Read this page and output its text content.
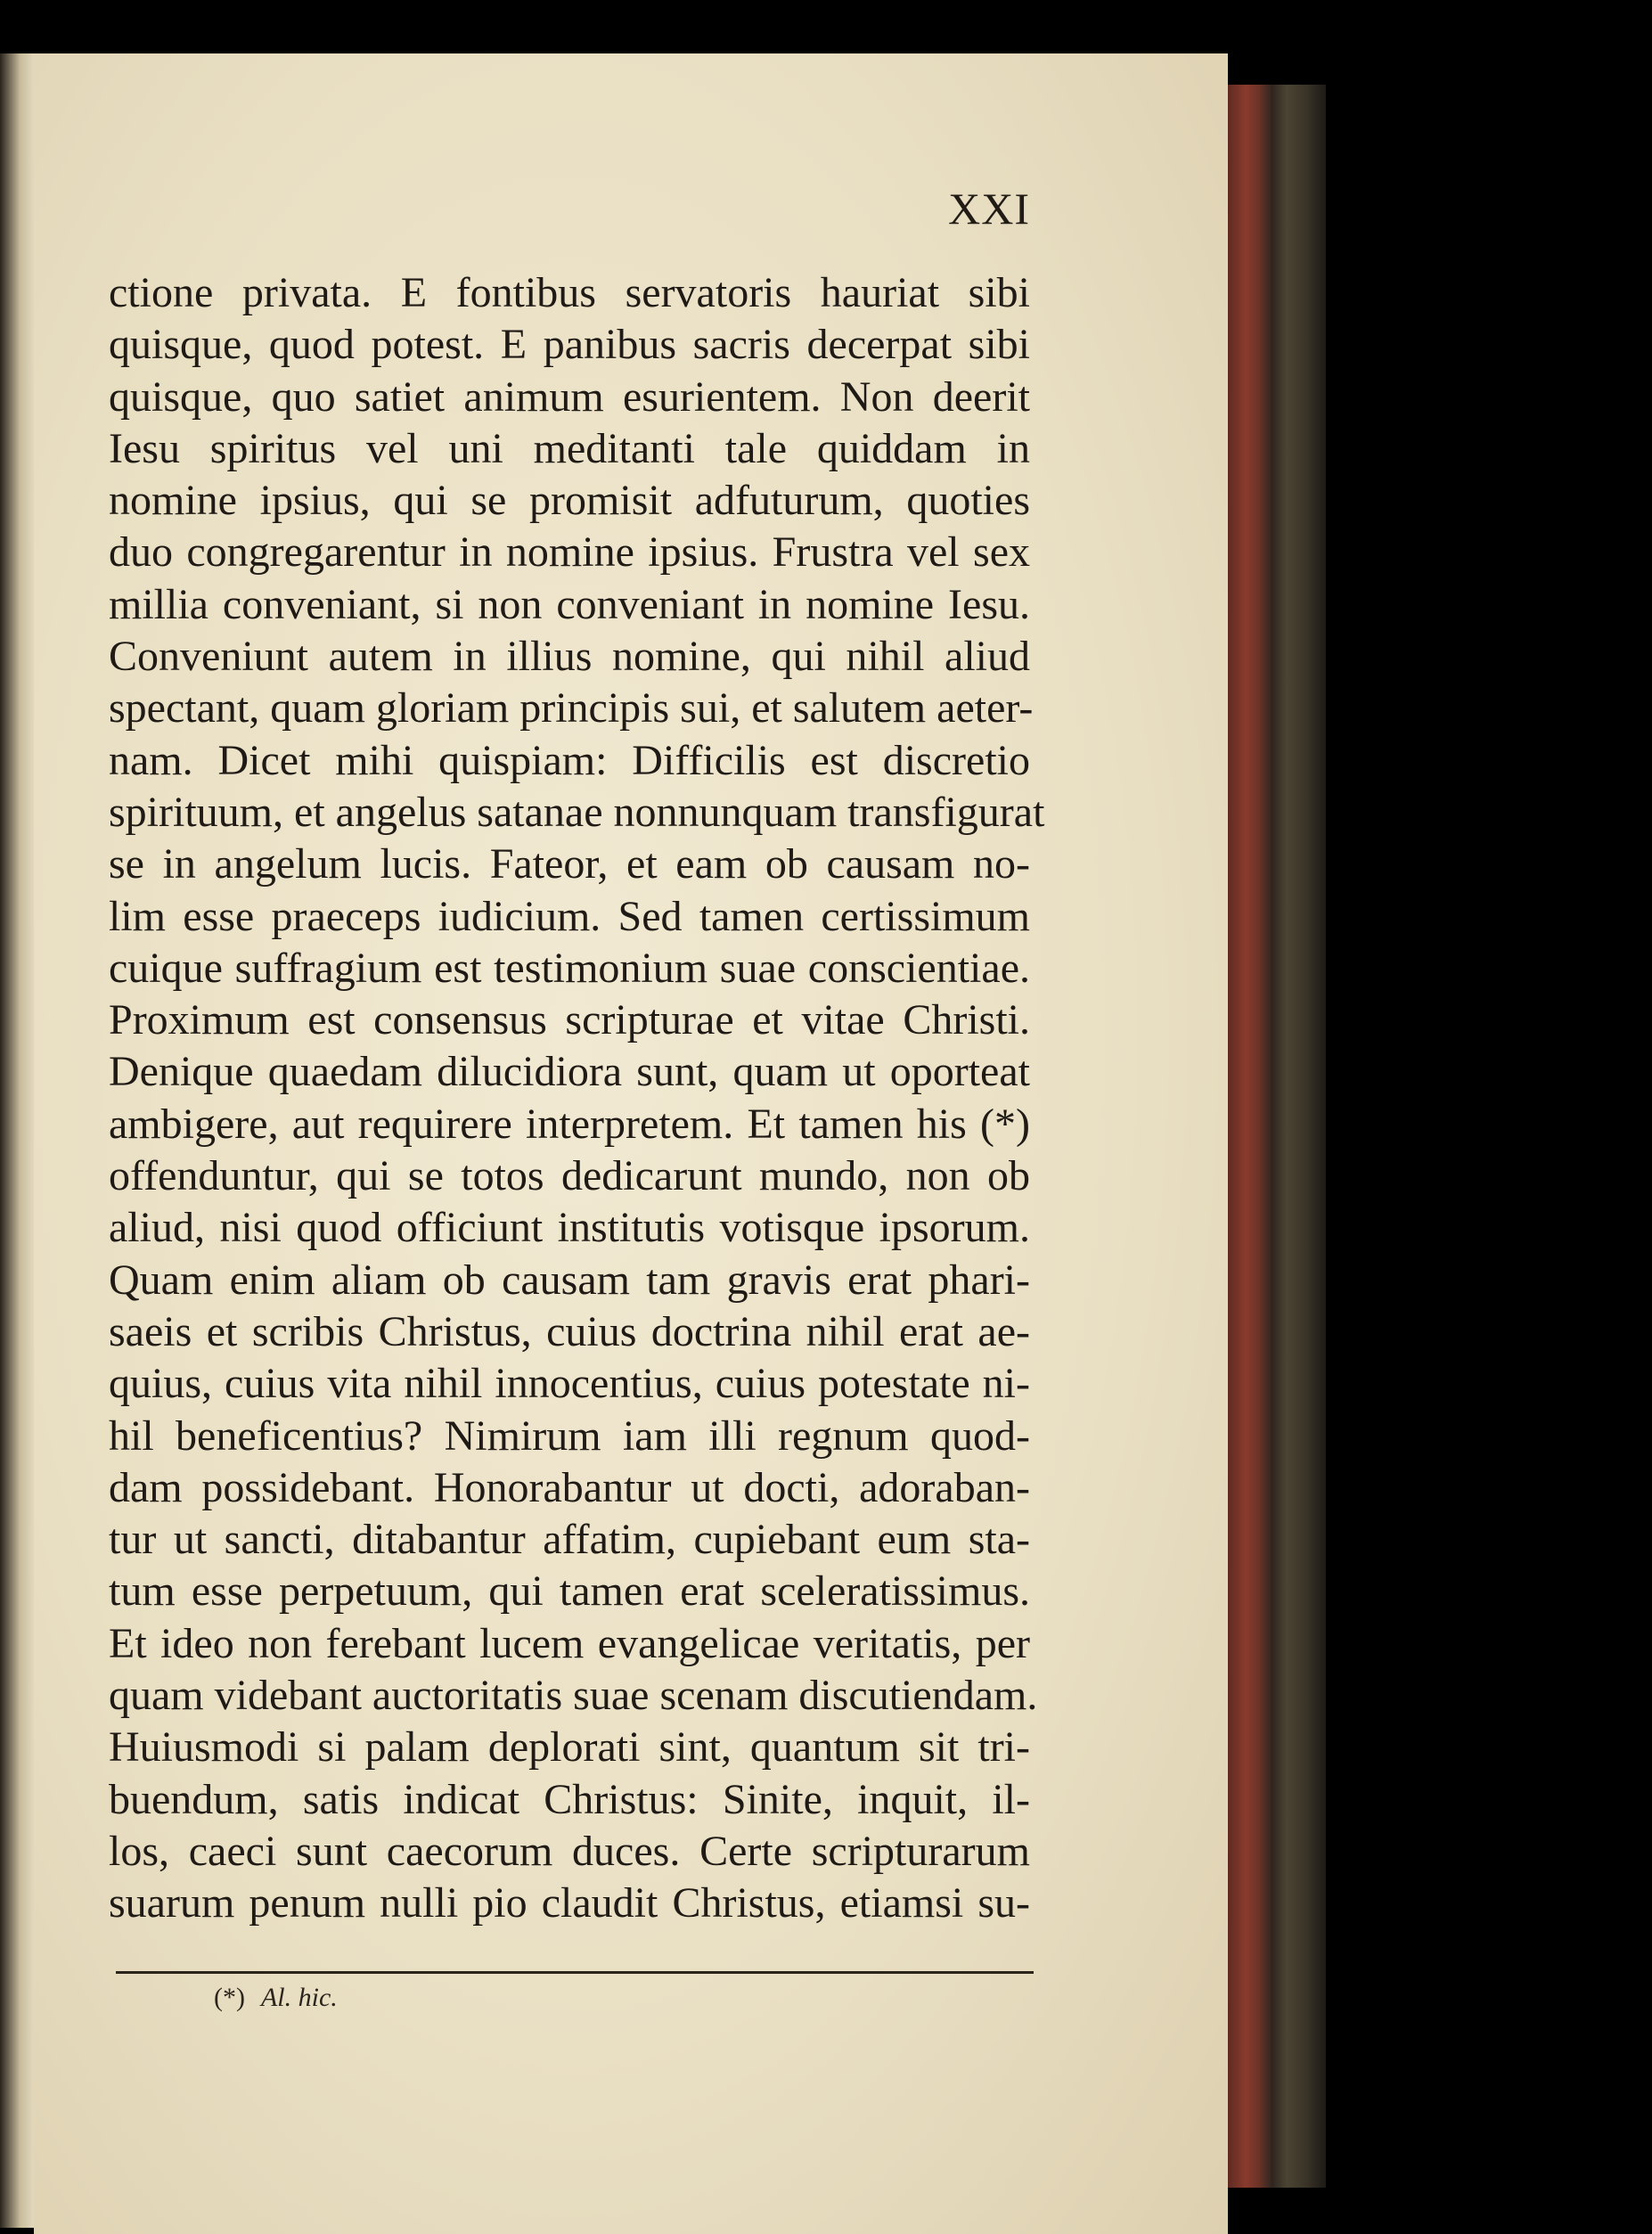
XXI
ctione privata. E fontibus servatoris hauriat sibi
quisque, quod potest. E panibus sacris decerpat sibi
quisque, quo satiet animum esurientem. Non deerit
Iesu spiritus vel uni meditanti tale quiddam in
nomine ipsius, qui se promisit adfuturum, quoties
duo congregarentur in nomine ipsius. Frustra vel sex
millia conveniant, si non conveniant in nomine Iesu.
Conveniunt autem in illius nomine, qui nihil aliud
spectant, quam gloriam principis sui, et salutem aeter-
nam. Dicet mihi quispiam: Difficilis est discretio
spirituum, et angelus satanae nonnunquam transfigurat
se in angelum lucis. Fateor, et eam ob causam no-
lim esse praeceps iudicium. Sed tamen certissimum
cuique suffragium est testimonium suae conscientiae.
Proximum est consensus scripturae et vitae Christi.
Denique quaedam dilucidiora sunt, quam ut oporteat
ambigere, aut requirere interpretem. Et tamen his (*)
offenduntur, qui se totos dedicarunt mundo, non ob
aliud, nisi quod officiunt institutis votisque ipsorum.
Quam enim aliam ob causam tam gravis erat phari-
saeis et scribis Christus, cuius doctrina nihil erat ae-
quius, cuius vita nihil innocentius, cuius potestate ni-
hil beneficentius? Nimirum iam illi regnum quod-
dam possidebant. Honorabantur ut docti, adoraban-
tur ut sancti, ditabantur affatim, cupiebant eum sta-
tum esse perpetuum, qui tamen erat sceleratissimus.
Et ideo non ferebant lucem evangelicae veritatis, per
quam videbant auctoritatis suae scenam discutiendam.
Huiusmodi si palam deplorati sint, quantum sit tri-
buendum, satis indicat Christus: Sinite, inquit, il-
los, caeci sunt caecorum duces. Certe scripturarum
suarum penum nulli pio claudit Christus, etiamsi su-
(*) Al. hic.
